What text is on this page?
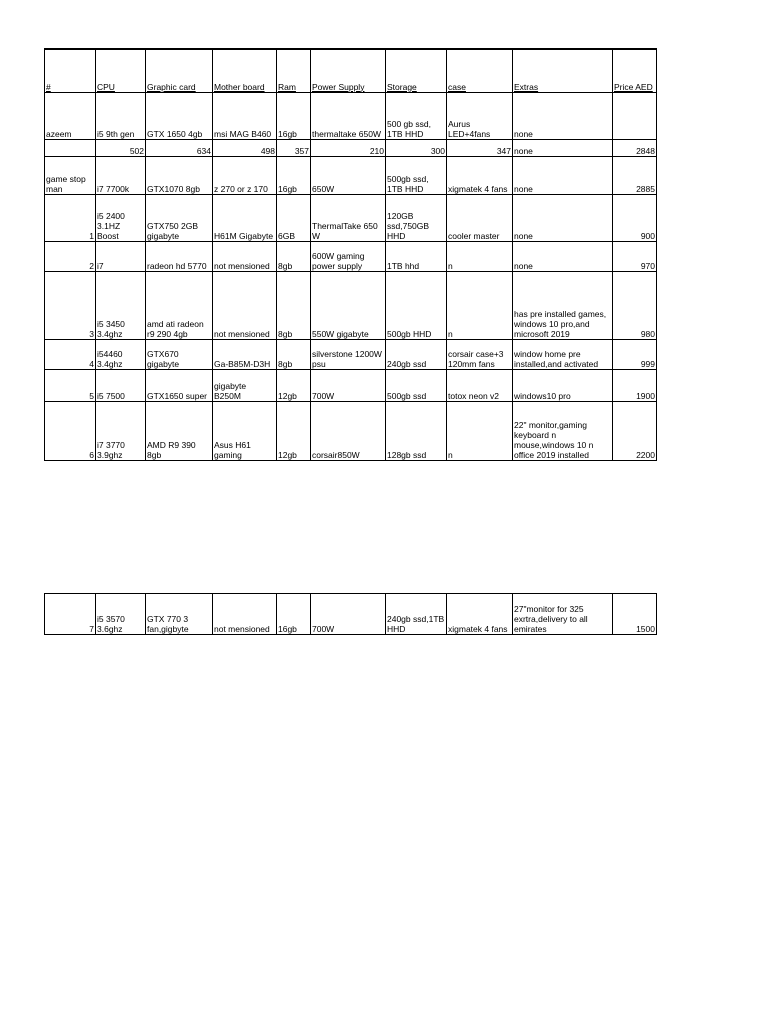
#	CPU	Graphic card	Mother board	Ram	Power Supply	Storage	case	Extras	Price AED
azeem	i5 9th gen	GTX 1650 4gb	msi MAG B460	16gb	thermaltake 650W	500 gb ssd, 1TB HHD	Aurus LED+4fans	none	
	502	634	498	357	210	300	347	none	2848
game stop man	i7 7700k	GTX1070 8gb	z 270 or z 170	16gb	650W	500gb ssd, 1TB HHD	xigmatek 4 fans	none	2885
1	i5 2400 3.1HZ Boost	GTX750 2GB gigabyte	H61M Gigabyte	6GB	ThermalTake 650 W	120GB ssd,750GB HHD	cooler master	none	900
2	i7	radeon hd 5770	not mensioned	8gb	600W gaming power supply	1TB hhd	n	none	970
3	i5 3450 3.4ghz	amd ati radeon r9 290 4gb	not mensioned	8gb	550W gigabyte	500gb HHD	n	has pre installed games, windows 10 pro,and microsoft 2019	980
4	i54460 3.4ghz	GTX670 gigabyte	Ga-B85M-D3H	8gb	silverstone 1200W psu	240gb ssd	corsair case+3 120mm fans	window home pre installed,and activated	999
5	i5 7500	GTX1650 super	gigabyte B250M	12gb	700W	500gb ssd	totox neon v2	windows10 pro	1900
6	i7 3770 3.9ghz	AMD R9 390 8gb	Asus H61 gaming	12gb	corsair850W	128gb ssd	n	22" monitor,gaming keyboard n mouse,windows 10 n office 2019 installed	2200
7	i5 3570 3.6ghz	GTX 770 3 fan,gigbyte	not mensioned	16gb	700W	240gb ssd,1TB HHD	xigmatek 4 fans	27"monitor for 325 exrtra,delivery to all emirates	1500
